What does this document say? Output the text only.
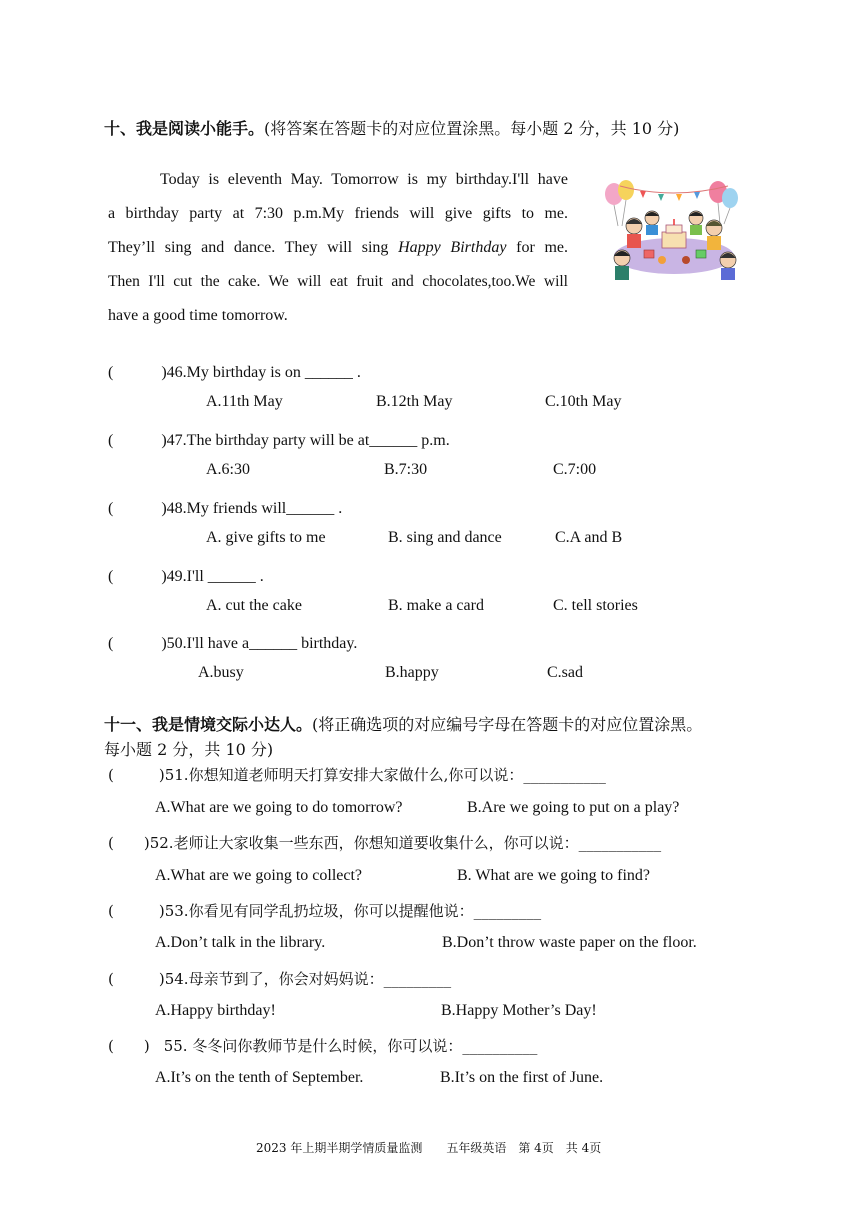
十、我是阅读小能手。(将答案在答题卡的对应位置涂黑。每小题 2 分，共 10 分)
Today is eleventh May. Tomorrow is my birthday.I'll have
a birthday party at 7:30 p.m.My friends will give gifts to me.
They’ll sing and dance. They will sing Happy Birthday for me.
Then I'll cut the cake. We will eat fruit and chocolates,too.We will
have a good time tomorrow.
(　　　)46.My birthday is on ______ .
A.11th May	B.12th May	C.10th May
(　　　)47.The birthday party will be at______ p.m.
A.6:30	B.7:30	C.7:00
(　　　)48.My friends will______ .
A. give gifts to me	B. sing and dance	C.A and B
(　　　)49.I'll ______ .
A. cut the cake	B. make a card	C. tell stories
(　　　)50.I'll have a______ birthday.
A.busy	B.happy	C.sad
十一、我是情境交际小达人。(将正确选项的对应编号字母在答题卡的对应位置涂黑。
每小题 2 分，共 10 分)
(　　　)51.你想知道老师明天打算安排大家做什么,你可以说：___________
A.What are we going to do tomorrow?	B.Are we going to put on a play?
(　　)52.老师让大家收集一些东西，你想知道要收集什么，你可以说：___________
A.What are we going to collect?	B. What are we going to find?
(　　　)53.你看见有同学乱扔垃圾，你可以提醒他说：_________
A.Don’t talk in the library.	B.Don’t throw waste paper on the floor.
(　　　)54.母亲节到了，你会对妈妈说：_________
A.Happy birthday!	B.Happy Mother’s Day!
(　　) 55. 冬冬问你教师节是什么时候，你可以说：__________
A.It’s on the tenth of September.	B.It’s on the first of June.
2023 年上期半期学情质量监测　　五年级英语　第 4页　共 4页
